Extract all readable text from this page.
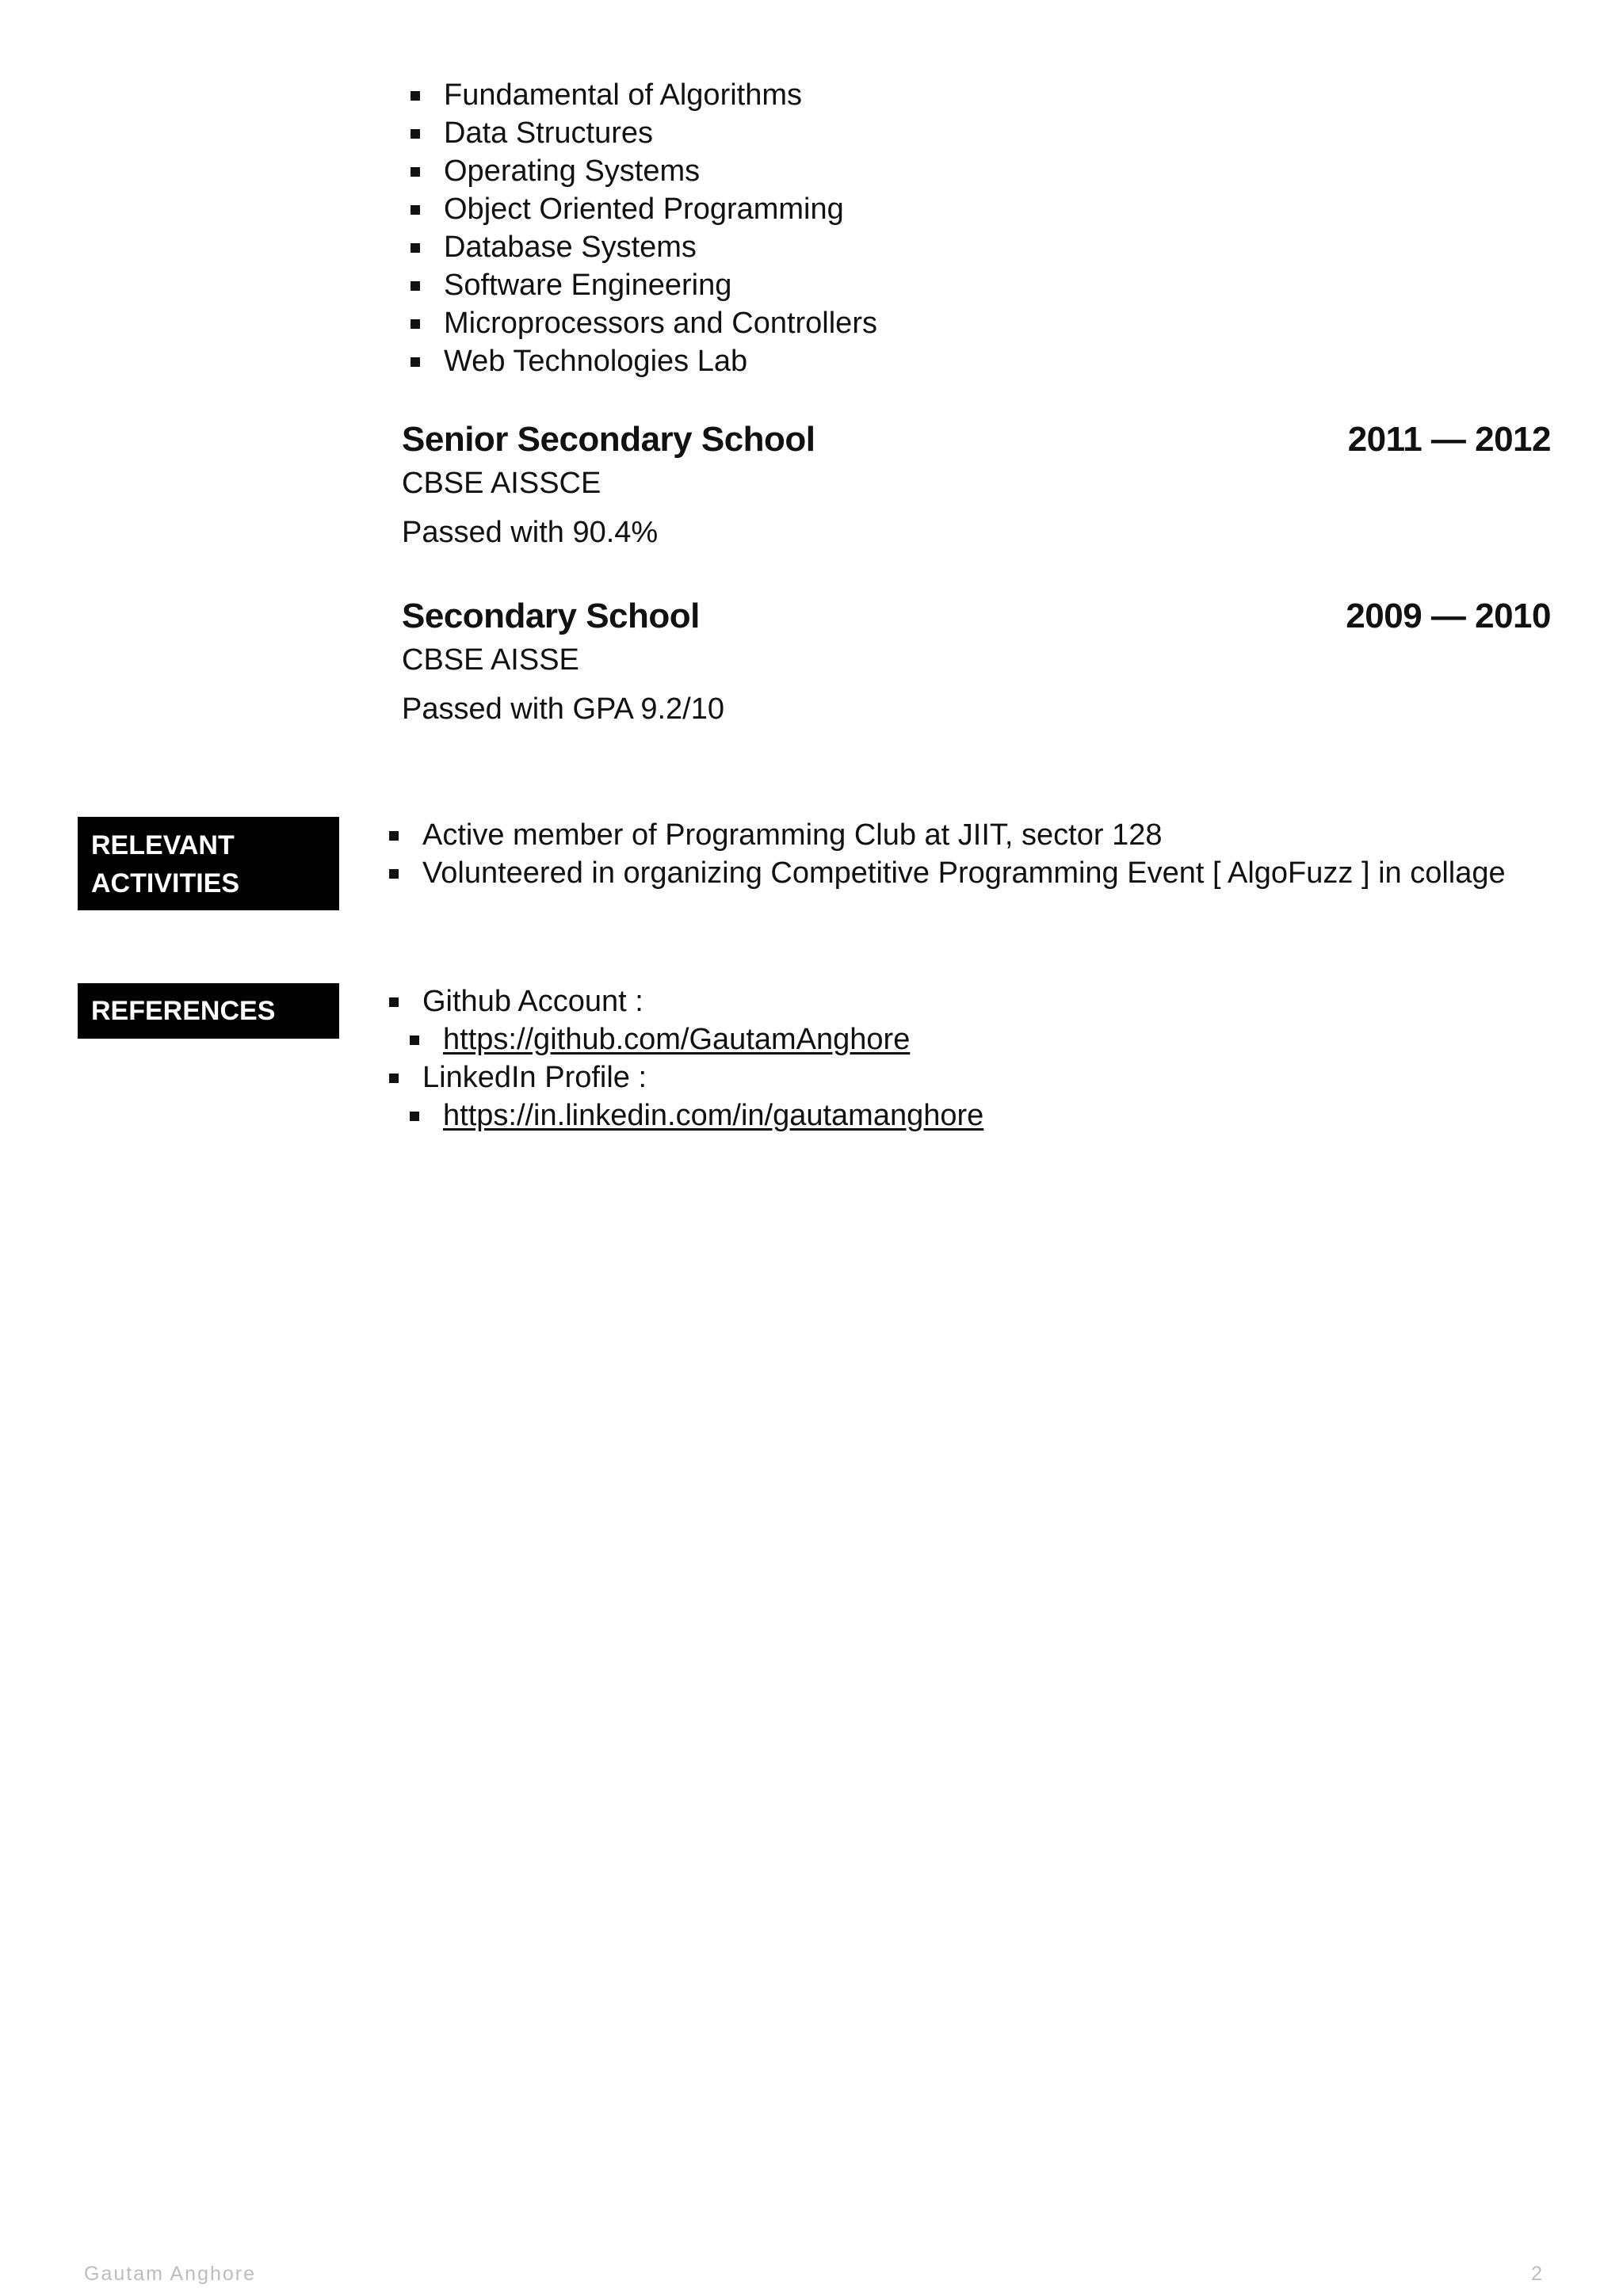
Fundamental of Algorithms
Data Structures
Operating Systems
Object Oriented Programming
Database Systems
Software Engineering
Microprocessors and Controllers
Web Technologies Lab
Senior Secondary School	2011 — 2012
CBSE AISSCE
Passed with 90.4%
Secondary School	2009 — 2010
CBSE AISSE
Passed with GPA 9.2/10
RELEVANT
ACTIVITIES
Active member of Programming Club at JIIT, sector 128
Volunteered in organizing Competitive Programming Event [ AlgoFuzz ] in collage
REFERENCES	Github Account :
https://github.com/GautamAnghore
LinkedIn Profile :
https://in.linkedin.com/in/gautamanghore
Gautam Anghore	2
